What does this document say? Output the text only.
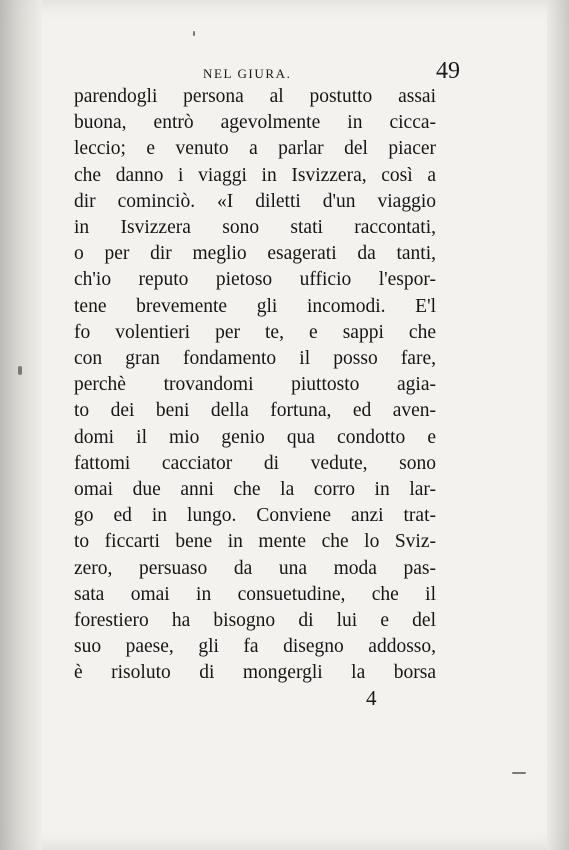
NEL GIURA.	49
parendogli persona al postutto assai
buona, entrò agevolmente in cicca-
leccio; e venuto a parlar del piacer
che danno i viaggi in Isvizzera, così a
dir cominciò. «I diletti d'un viaggio
in Isvizzera sono stati raccontati,
o per dir meglio esagerati da tanti,
ch'io reputo pietoso ufficio l'espor-
tene brevemente gli incomodi. E'l
fo volentieri per te, e sappi che
con gran fondamento il posso fare,
perchè trovandomi piuttosto agia-
to dei beni della fortuna, ed aven-
domi il mio genio qua condotto e
fattomi cacciator di vedute, sono
omai due anni che la corro in lar-
go ed in lungo. Conviene anzi trat-
to ficcarti bene in mente che lo Sviz-
zero, persuaso da una moda pas-
sata omai in consuetudine, che il
forestiero ha bisogno di lui e del
suo paese, gli fa disegno addosso,
è risoluto di mongergli la borsa
4
